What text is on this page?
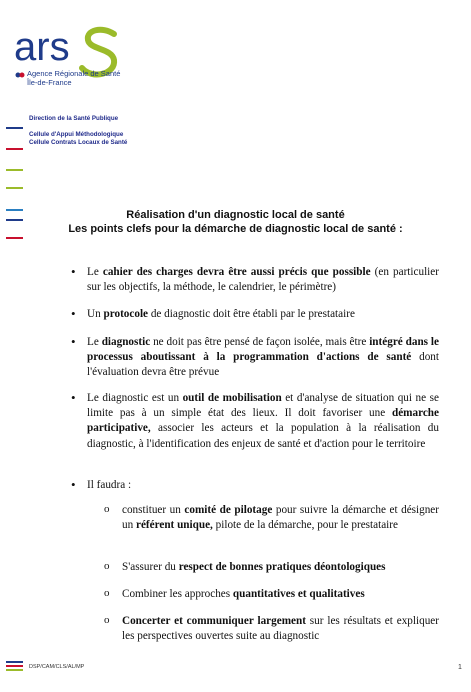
ars
Agence Régionale de Santé
Île-de-France
Direction de la Santé Publique
Cellule d'Appui Méthodologique
Cellule Contrats Locaux de Santé
Réalisation d'un diagnostic local de santé
Les points clefs pour la démarche de diagnostic local de santé :
• Le cahier des charges devra être aussi précis que possible (en particulier sur les objectifs, la méthode, le calendrier, le périmètre)
• Un protocole de diagnostic doit être établi par le prestataire
• Le diagnostic ne doit pas être pensé de façon isolée, mais être intégré dans le processus aboutissant à la programmation d'actions de santé dont l'évaluation devra être prévue
• Le diagnostic est un outil de mobilisation et d'analyse de situation qui ne se limite pas à un simple état des lieux. Il doit favoriser une démarche participative, associer les acteurs et la population à la réalisation du diagnostic, à l'identification des enjeux de santé et d'action pour le territoire
• Il faudra :
o constituer un comité de pilotage pour suivre la démarche et désigner un référent unique, pilote de la démarche, pour le prestataire
o S'assurer du respect de bonnes pratiques déontologiques
o Combiner les approches quantitatives et qualitatives
o Concerter et communiquer largement sur les résultats et expliquer les perspectives ouvertes suite au diagnostic
DSP/CAM/CLS/AL/MP	1
